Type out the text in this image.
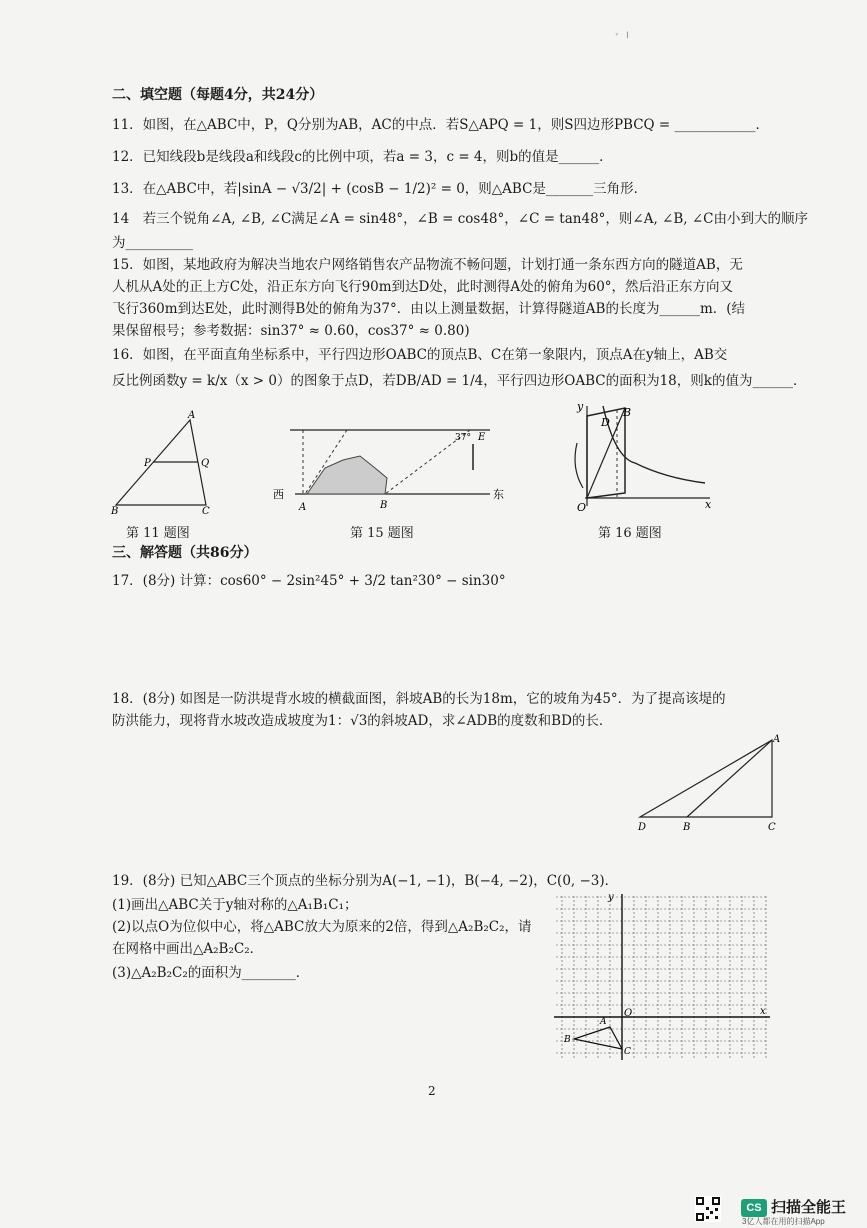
ﾞ ╵
二、填空题（每题4分，共24分）
11．如图，在△ABC中，P，Q分别为AB，AC的中点．若S△APQ = 1，则S四边形PBCQ = ____________．
12．已知线段b是线段a和线段c的比例中项，若a = 3，c = 4，则b的值是______．
13．在△ABC中，若|sinA − √3/2| + (cosB − 1/2)² = 0，则△ABC是_______三角形．
14　若三个锐角∠A, ∠B, ∠C满足∠A = sin48°，∠B = cos48°，∠C = tan48°，则∠A, ∠B, ∠C由小到大的顺序
为__________
15．如图，某地政府为解决当地农户网络销售农产品物流不畅问题，计划打通一条东西方向的隧道AB，无
人机从A处的正上方C处，沿正东方向飞行90m到达D处，此时测得A处的俯角为60°，然后沿正东方向又
飞行360m到达E处，此时测得B处的俯角为37°．由以上测量数据，计算得隧道AB的长度为______m．(结
果保留根号；参考数据：sin37° ≈ 0.60，cos37° ≈ 0.80)
16．如图，在平面直角坐标系中，平行四边形OABC的顶点B、C在第一象限内，顶点A在y轴上，AB交
反比例函数y = k/x（x > 0）的图象于点D，若DB/AD = 1/4，平行四边形OABC的面积为18，则k的值为______．
A
P	Q
B	C
第 11 题图
37° E
西	东
A	B
第 15 题图
y
D
B
O	x
第 16 题图
三、解答题（共86分）
17．(8分) 计算：cos60° − 2sin²45° + 3/2 tan²30° − sin30°
18．(8分) 如图是一防洪堤背水坡的横截面图，斜坡AB的长为18m，它的坡角为45°．为了提高该堤的
防洪能力，现将背水坡改造成坡度为1：√3的斜坡AD，求∠ADB的度数和BD的长．
A
D	B	C
19．(8分) 已知△ABC三个顶点的坐标分别为A(−1, −1)，B(−4, −2)，C(0, −3)．
(1)画出△ABC关于y轴对称的△A₁B₁C₁；
(2)以点O为位似中心，将△ABC放大为原来的2倍，得到△A₂B₂C₂，请
在网格中画出△A₂B₂C₂．
(3)△A₂B₂C₂的面积为________．
y
x
O
A
B
C
2
CS 扫描全能王
3亿人都在用的扫描App
